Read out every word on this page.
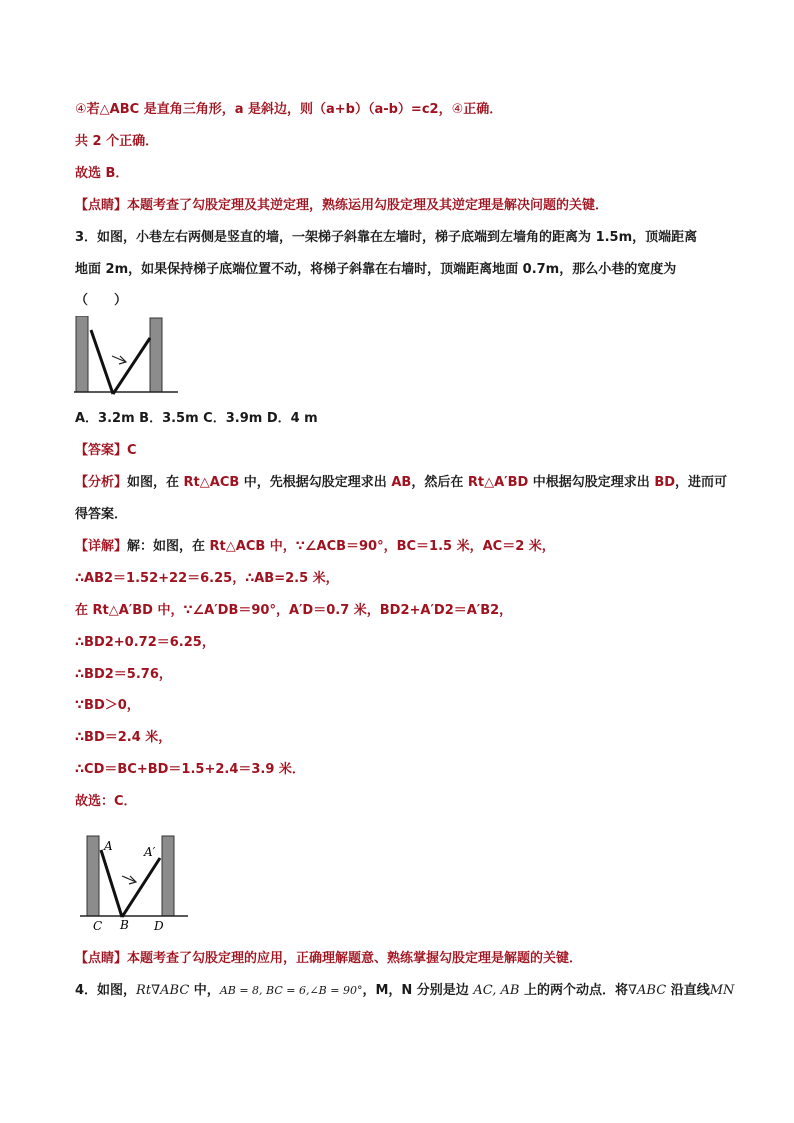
④若△ABC 是直角三角形，a 是斜边，则（a+b）（a-b）=c2，④正确．
共 2 个正确．
故选 B．
【点睛】本题考查了勾股定理及其逆定理，熟练运用勾股定理及其逆定理是解决问题的关键．
3．如图，小巷左右两侧是竖直的墙，一架梯子斜靠在左墙时，梯子底端到左墙角的距离为 1.5m，顶端距离
地面 2m，如果保持梯子底端位置不动，将梯子斜靠在右墙时，顶端距离地面 0.7m，那么小巷的宽度为
（　　）
A．3.2m B．3.5m C．3.9m D．4 m
【答案】C
【分析】如图，在 Rt△ACB 中，先根据勾股定理求出 AB，然后在 Rt△A′BD 中根据勾股定理求出 BD，进而可
得答案．
【详解】解：如图，在 Rt△ACB 中，∵∠ACB＝90°，BC＝1.5 米，AC＝2 米，
∴AB2＝1.52+22＝6.25，∴AB=2.5 米，
在 Rt△A′BD 中，∵∠A′DB＝90°，A′D＝0.7 米，BD2+A′D2＝A′B2，
∴BD2+0.72＝6.25，
∴BD2＝5.76，
∵BD＞0，
∴BD＝2.4 米，
∴CD＝BC+BD＝1.5+2.4＝3.9 米．
故选：C．
A	A′
C B D
【点睛】本题考查了勾股定理的应用，正确理解题意、熟练掌握勾股定理是解题的关键．
4．如图，Rt∇ABC 中，AB = 8, BC = 6,∠B = 90°，M，N 分别是边 AC, AB 上的两个动点．将∇ABC 沿直线MN
